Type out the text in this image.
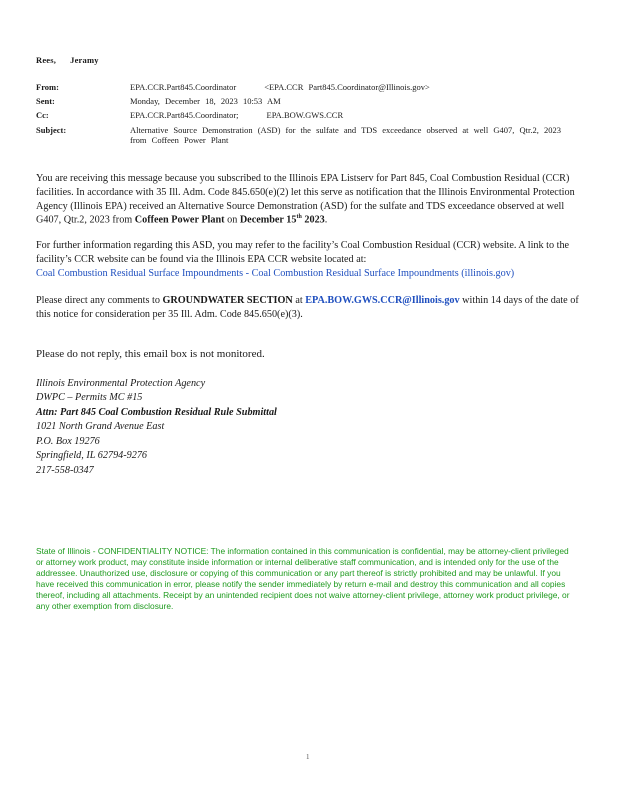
Rees, Jeramy
From:	EPA.CCR.Part845.Coordinator	<EPA.CCR Part845.Coordinator@Illinois.gov>
Sent:	Monday, December 18, 2023 10:53 AM
Cc:	EPA.CCR.Part845.Coordinator;	EPA.BOW.GWS.CCR
Subject:	Alternative Source Demonstration (ASD) for the sulfate and TDS exceedance observed at well G407, Qtr.2, 2023 from Coffeen Power Plant
You are receiving this message because you subscribed to the Illinois EPA Listserv for Part 845, Coal Combustion Residual (CCR) facilities. In accordance with 35 Ill. Adm. Code 845.650(e)(2) let this serve as notification that the Illinois Environmental Protection Agency (Illinois EPA) received an Alternative Source Demonstration (ASD) for the sulfate and TDS exceedance observed at well G407, Qtr.2, 2023 from Coffeen Power Plant on December 15th 2023.
For further information regarding this ASD, you may refer to the facility’s Coal Combustion Residual (CCR) website. A link to the facility’s CCR website can be found via the Illinois EPA CCR website located at:
Coal Combustion Residual Surface Impoundments - Coal Combustion Residual Surface Impoundments (illinois.gov)
Please direct any comments to GROUNDWATER SECTION at EPA.BOW.GWS.CCR@Illinois.gov within 14 days of the date of this notice for consideration per 35 Ill. Adm. Code 845.650(e)(3).
Please do not reply, this email box is not monitored.
Illinois Environmental Protection Agency
DWPC – Permits MC #15
Attn: Part 845 Coal Combustion Residual Rule Submittal
1021 North Grand Avenue East
P.O. Box 19276
Springfield, IL 62794-9276
217-558-0347
State of Illinois - CONFIDENTIALITY NOTICE: The information contained in this communication is confidential, may be attorney-client privileged or attorney work product, may constitute inside information or internal deliberative staff communication, and is intended only for the use of the addressee. Unauthorized use, disclosure or copying of this communication or any part thereof is strictly prohibited and may be unlawful. If you have received this communication in error, please notify the sender immediately by return e-mail and destroy this communication and all copies thereof, including all attachments. Receipt by an unintended recipient does not waive attorney-client privilege, attorney work product privilege, or any other exemption from disclosure.
1
